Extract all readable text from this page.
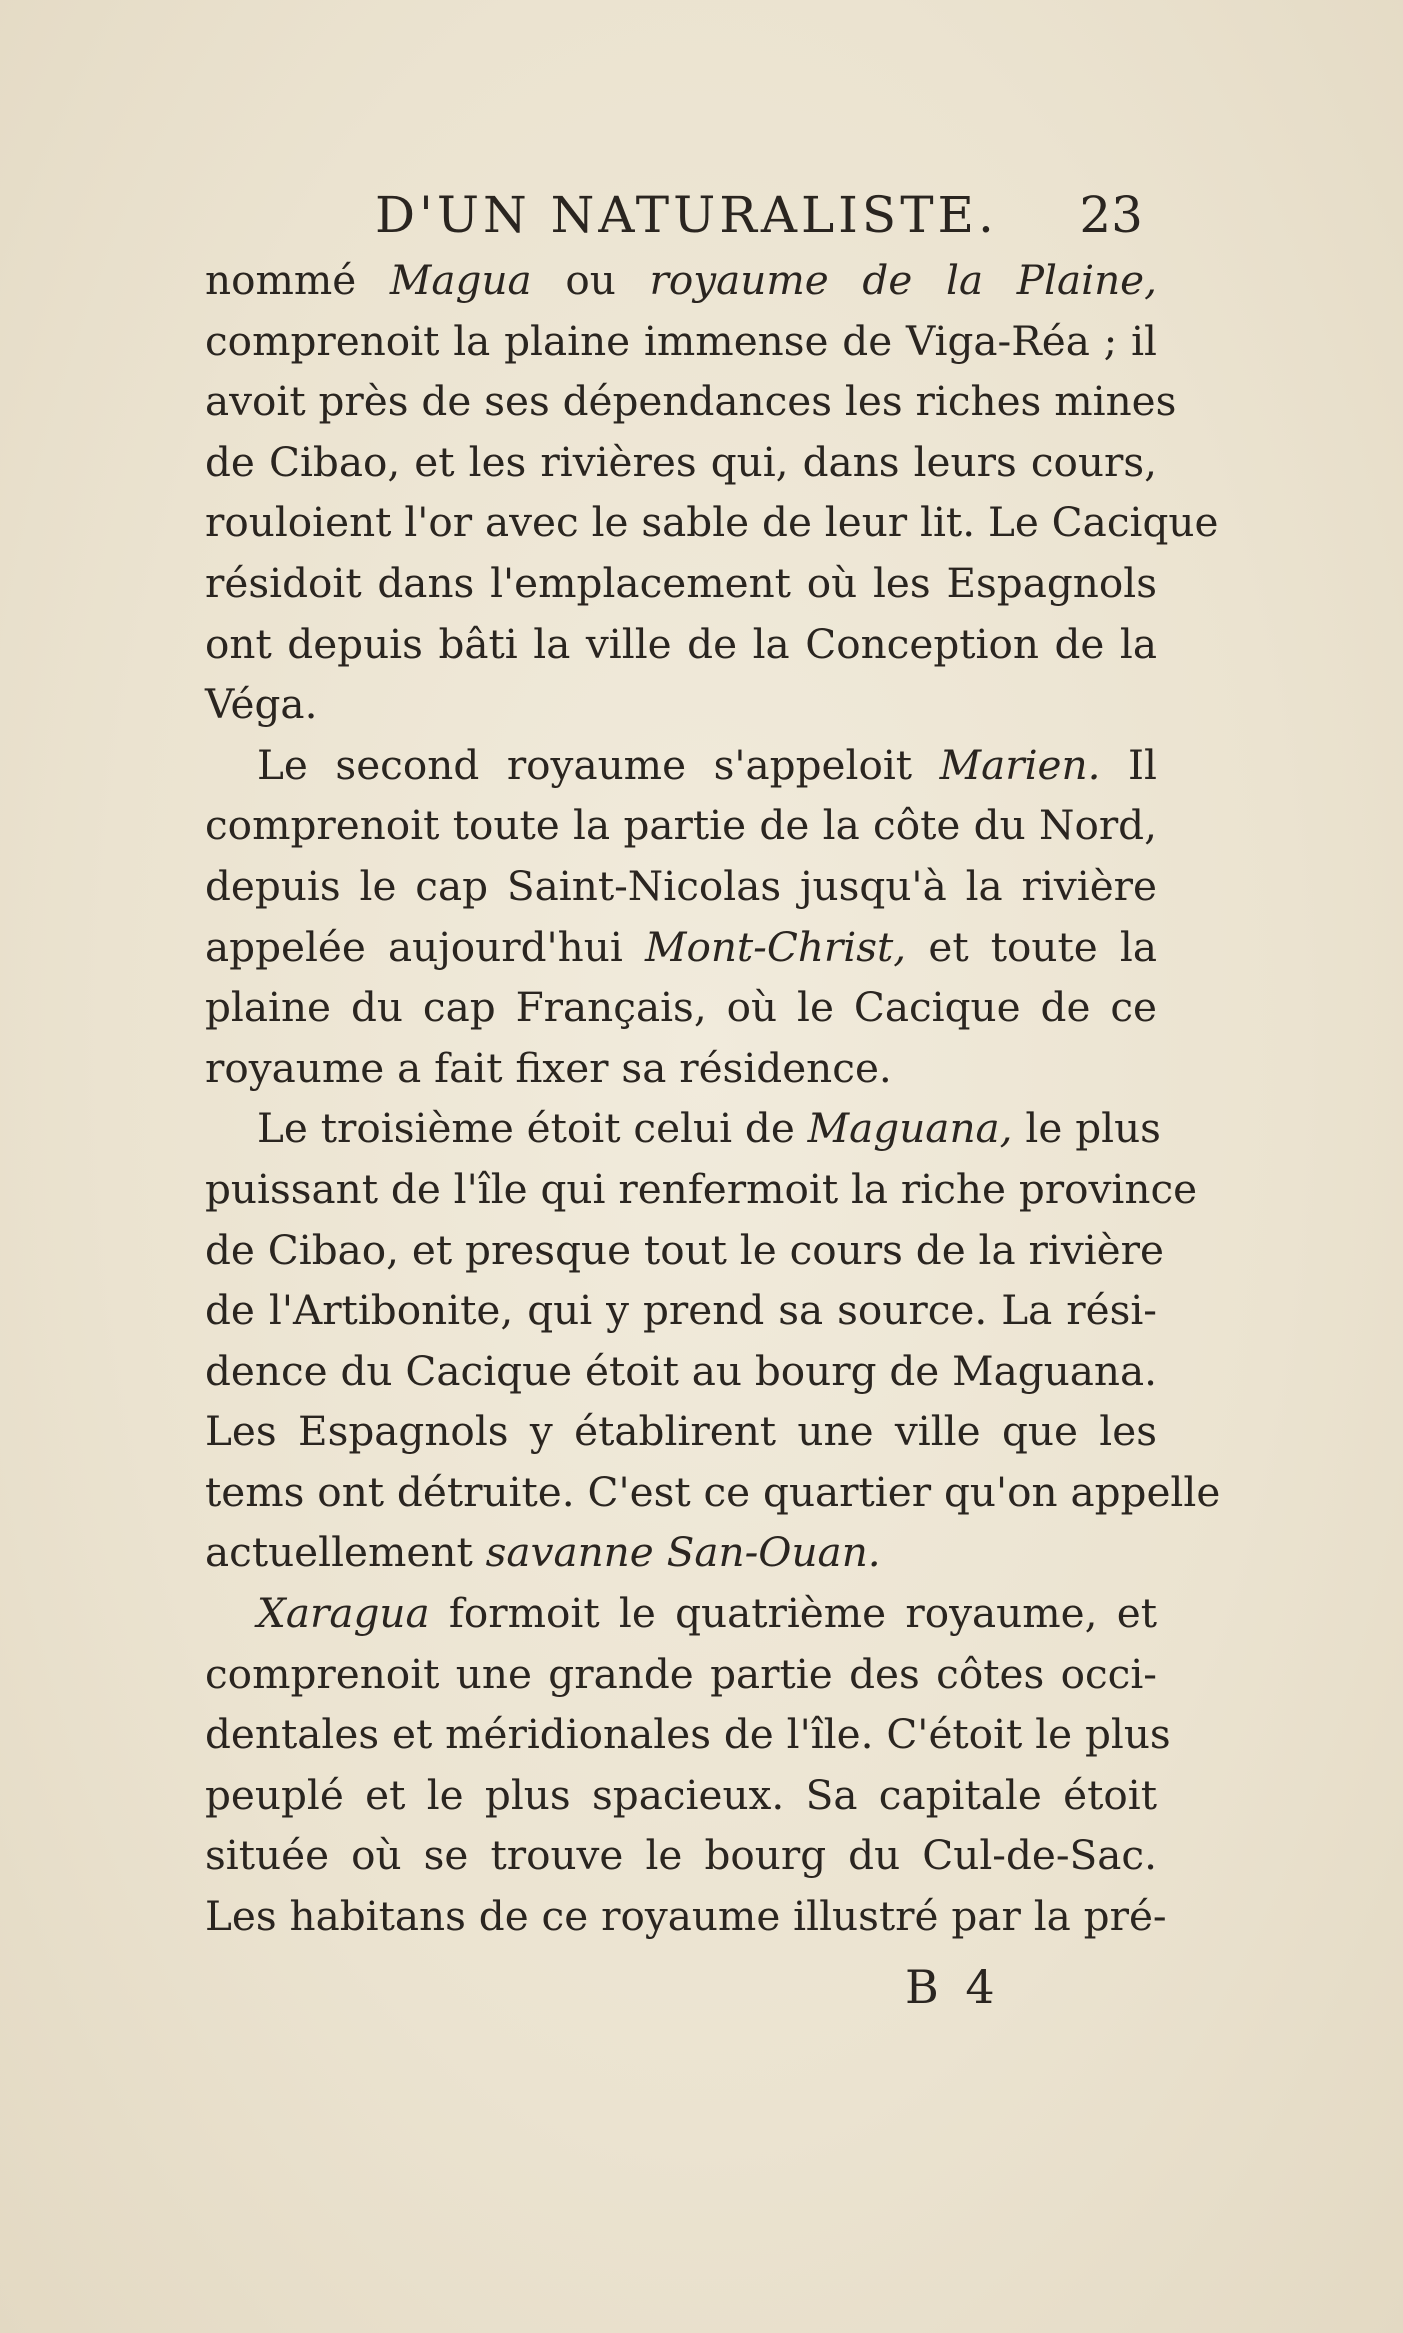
D'UN NATURALISTE. 23

nommé Magua ou royaume de la Plaine,
comprenoit la plaine immense de Viga-Réa ; il
avoit près de ses dépendances les riches mines
de Cibao, et les rivières qui, dans leurs cours,
rouloient l'or avec le sable de leur lit. Le Cacique
résidoit dans l'emplacement où les Espagnols
ont depuis bâti la ville de la Conception de la
Véga.

Le second royaume s'appeloit Marien. Il
comprenoit toute la partie de la côte du Nord,
depuis le cap Saint-Nicolas jusqu'à la rivière
appelée aujourd'hui Mont-Christ, et toute la
plaine du cap Français, où le Cacique de ce
royaume a fait fixer sa résidence.

Le troisième étoit celui de Maguana, le plus
puissant de l'île qui renfermoit la riche province
de Cibao, et presque tout le cours de la rivière
de l'Artibonite, qui y prend sa source. La rési-
dence du Cacique étoit au bourg de Maguana.
Les Espagnols y établirent une ville que les
tems ont détruite. C'est ce quartier qu'on appelle
actuellement savanne San-Ouan.

Xaragua formoit le quatrième royaume, et
comprenoit une grande partie des côtes occi-
dentales et méridionales de l'île. C'étoit le plus
peuplé et le plus spacieux. Sa capitale étoit
située où se trouve le bourg du Cul-de-Sac.
Les habitans de ce royaume illustré par la pré-

B 4
